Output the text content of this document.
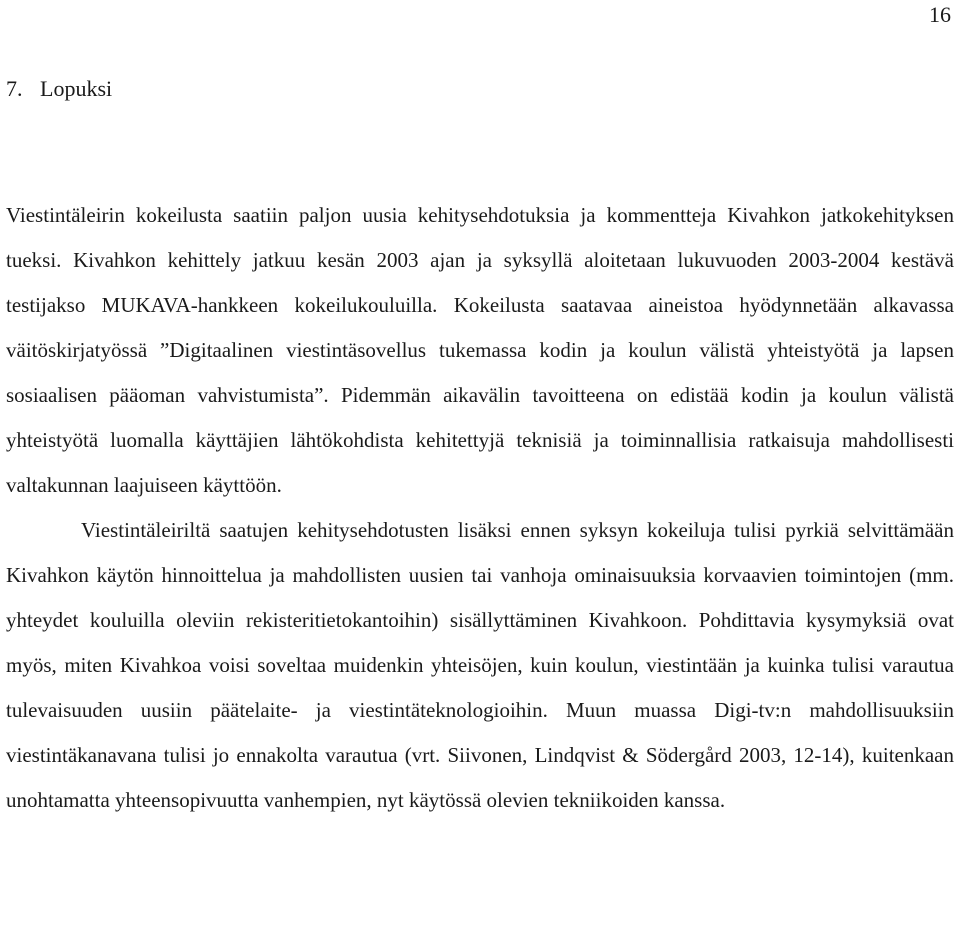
16
7. Lopuksi

Viestintäleirin kokeilusta saatiin paljon uusia kehitysehdotuksia ja kommentteja Kivahkon jatkokehityksen tueksi. Kivahkon kehittely jatkuu kesän 2003 ajan ja syksyllä aloitetaan lukuvuoden 2003-2004 kestävä testijakso MUKAVA-hankkeen kokeilukouluilla. Kokeilusta saatavaa aineistoa hyödynnetään alkavassa väitöskirjatyössä ”Digitaalinen viestintäsovellus tukemassa kodin ja koulun välistä yhteistyötä ja lapsen sosiaalisen pääoman vahvistumista”. Pidemmän aikavälin tavoitteena on edistää kodin ja koulun välistä yhteistyötä luomalla käyttäjien lähtökohdista kehitettyjä teknisiä ja toiminnallisia ratkaisuja mahdollisesti valtakunnan laajuiseen käyttöön.

Viestintäleiriltä saatujen kehitysehdotusten lisäksi ennen syksyn kokeiluja tulisi pyrkiä selvittämään Kivahkon käytön hinnoittelua ja mahdollisten uusien tai vanhoja ominaisuuksia korvaavien toimintojen (mm. yhteydet kouluilla oleviin rekisteritietokantoihin) sisällyttäminen Kivahkoon. Pohdittavia kysymyksiä ovat myös, miten Kivahkoa voisi soveltaa muidenkin yhteisöjen, kuin koulun, viestintään ja kuinka tulisi varautua tulevaisuuden uusiin päätelaite- ja viestintäteknologioihin. Muun muassa Digi-tv:n mahdollisuuksiin viestintäkanavana tulisi jo ennakolta varautua (vrt. Siivonen, Lindqvist & Södergård 2003, 12-14), kuitenkaan unohtamatta yhteensopivuutta vanhempien, nyt käytössä olevien tekniikoiden kanssa.
